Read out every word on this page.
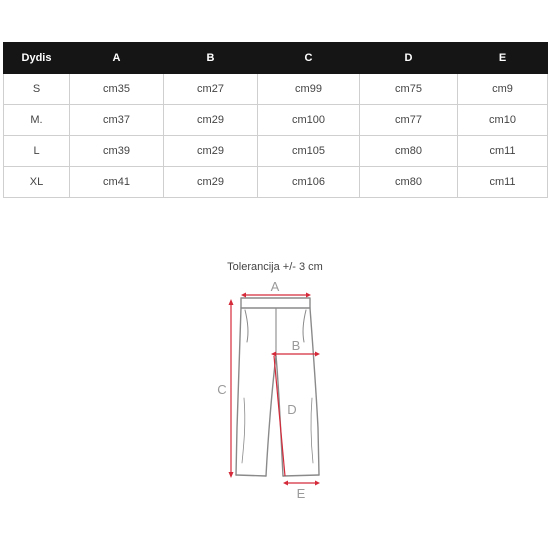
Dydis	A	B	C	D	E
S	cm35	cm27	cm99	cm75	cm9
M.	cm37	cm29	cm100	cm77	cm10
L	cm39	cm29	cm105	cm80	cm11
XL	cm41	cm29	cm106	cm80	cm11
Tolerancija +/- 3 cm
A
B
C
D
E
